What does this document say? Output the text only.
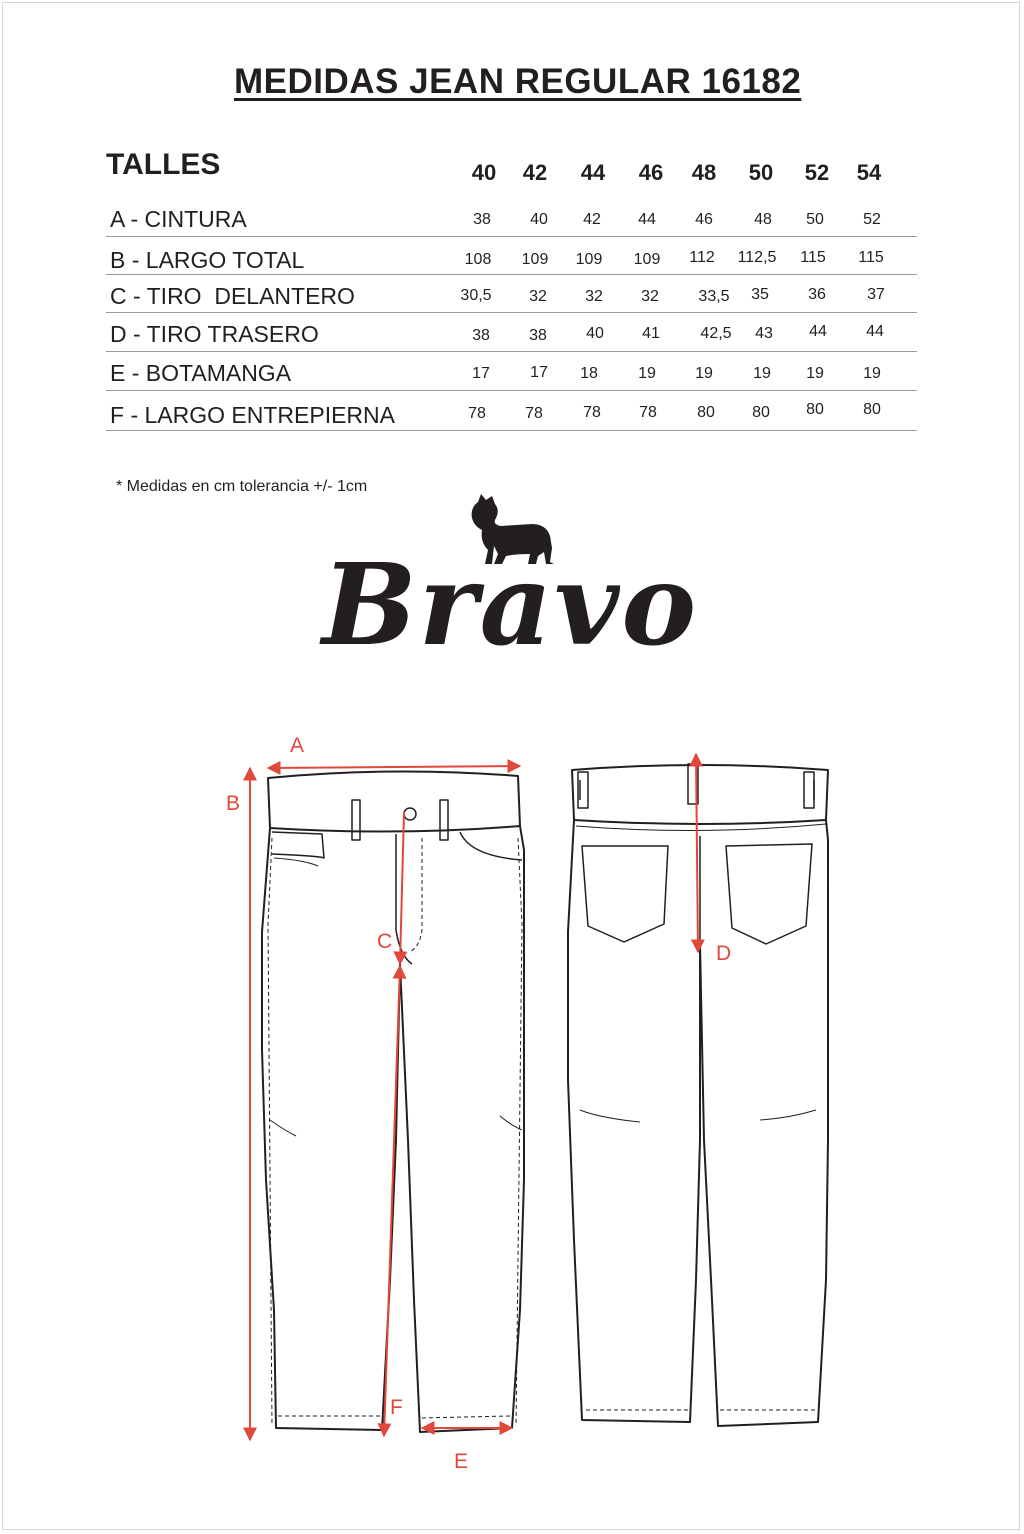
MEDIDAS JEAN REGULAR 16182
TALLES	40 42 44 46 48 50 52 54
A - CINTURA	38 40 42 44 46	48 50 52
B - LARGO TOTAL	108 109 109 109 112 112,5 115 115
C - TIRO  DELANTERO	30,5 32 32 32 33,5 35 36	37
D - TIRO TRASERO	38 38 40 41	42,5 43 44 44
E - BOTAMANGA	17	17 18	19 19	19 19 19
F - LARGO ENTREPIERNA	78 78	78 78	80 80 80 80
* Medidas en cm tolerancia +/- 1cm
Bravo
A
B
C
D
E
F
